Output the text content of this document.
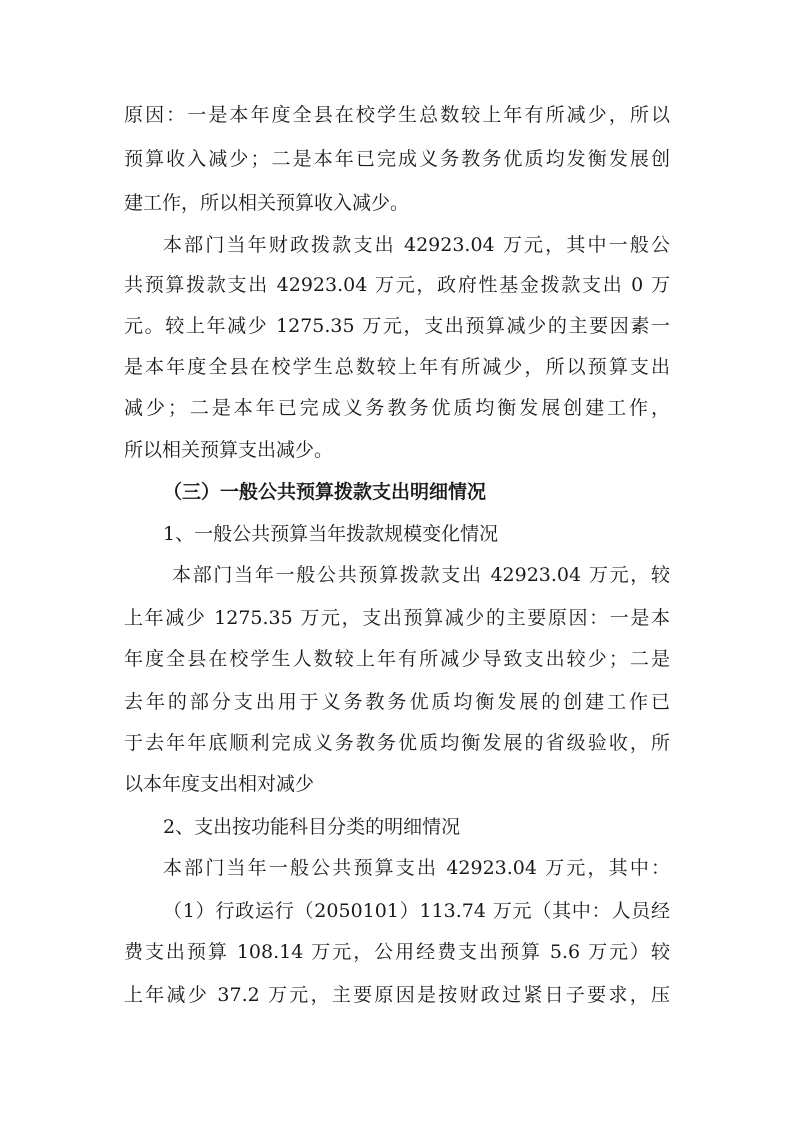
原因：一是本年度全县在校学生总数较上年有所减少，所以
预算收入减少；二是本年已完成义务教务优质均发衡发展创
建工作，所以相关预算收入减少。
本部门当年财政拨款支出 42923.04 万元，其中一般公
共预算拨款支出 42923.04 万元，政府性基金拨款支出 0 万
元。较上年减少 1275.35 万元，支出预算减少的主要因素一
是本年度全县在校学生总数较上年有所减少，所以预算支出
减少；二是本年已完成义务教务优质均衡发展创建工作，
所以相关预算支出减少。
（三）一般公共预算拨款支出明细情况
1、一般公共预算当年拨款规模变化情况
本部门当年一般公共预算拨款支出 42923.04 万元，较
上年减少 1275.35 万元，支出预算减少的主要原因：一是本
年度全县在校学生人数较上年有所减少导致支出较少；二是
去年的部分支出用于义务教务优质均衡发展的创建工作已
于去年年底顺利完成义务教务优质均衡发展的省级验收，所
以本年度支出相对减少
2、支出按功能科目分类的明细情况
本部门当年一般公共预算支出 42923.04 万元，其中：
（1）行政运行（2050101）113.74 万元（其中：人员经
费支出预算 108.14 万元，公用经费支出预算 5.6 万元）较
上年减少 37.2 万元，主要原因是按财政过紧日子要求，压
